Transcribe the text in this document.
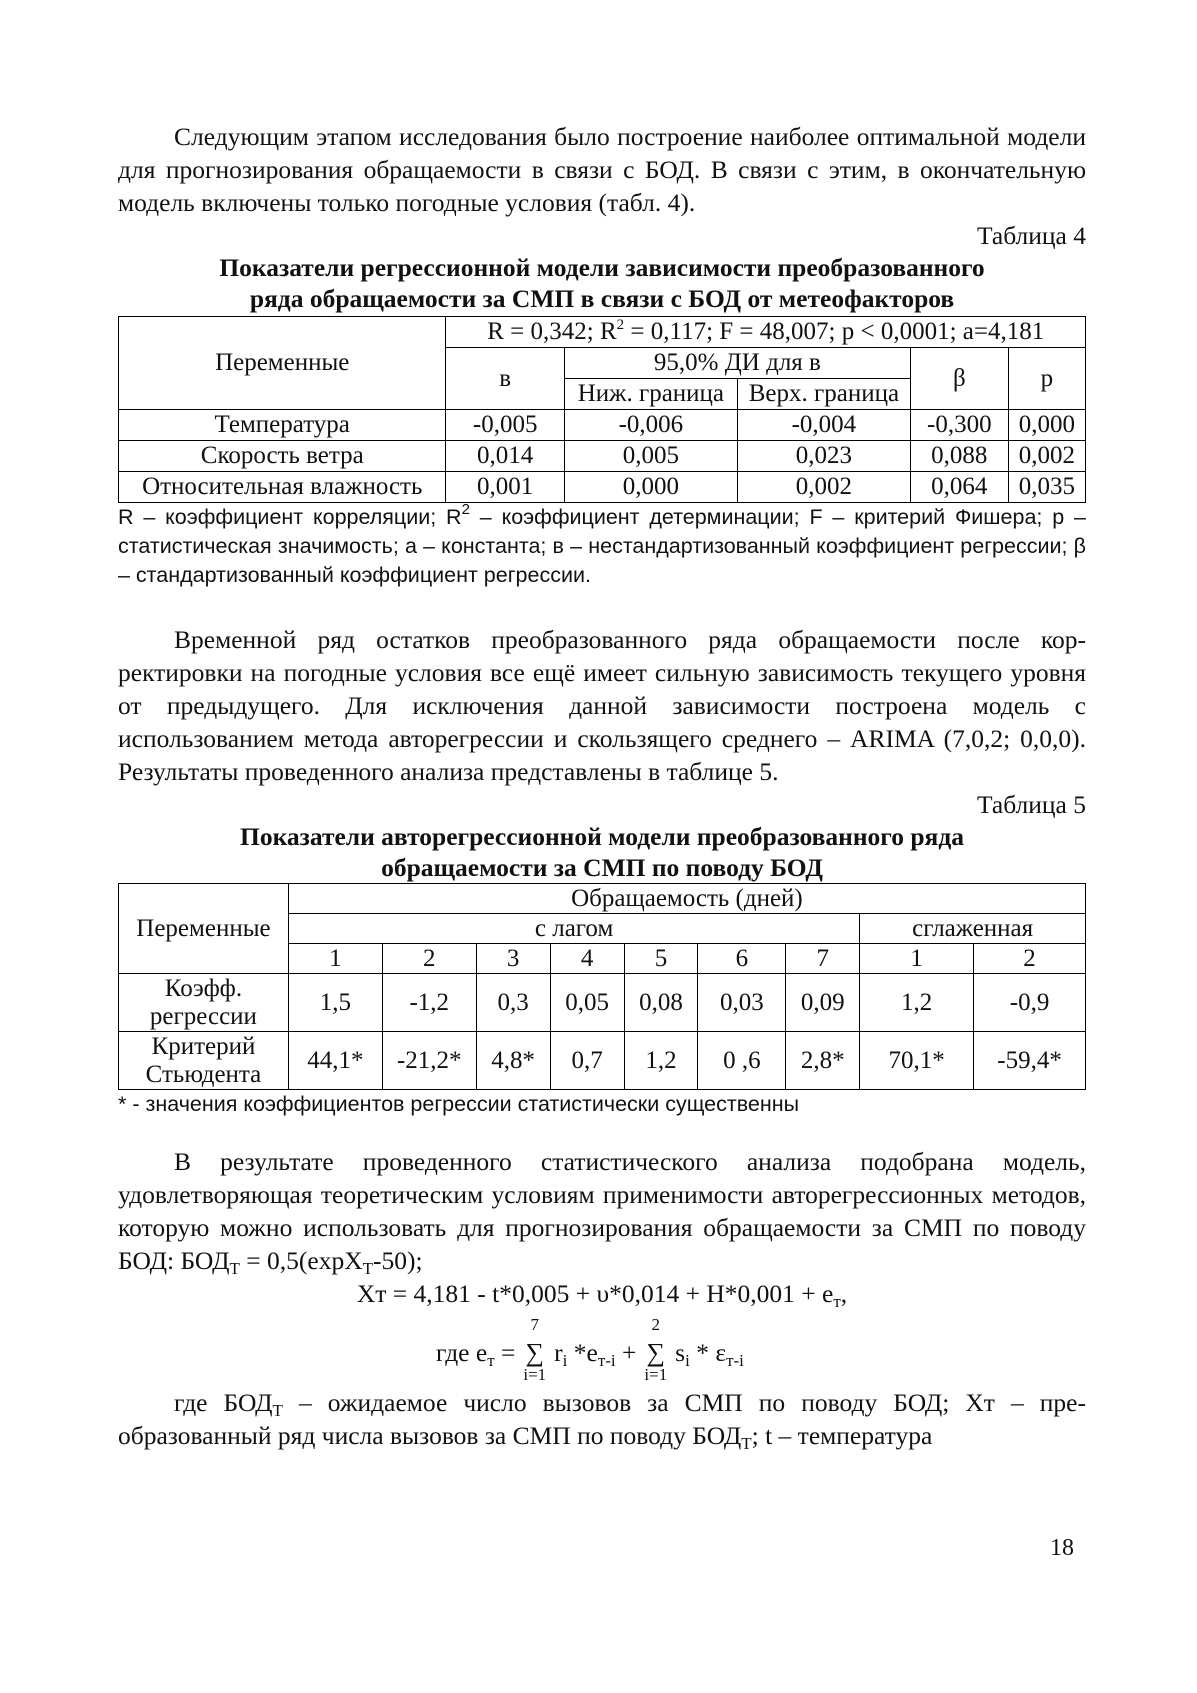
Следующим этапом исследования было построение наиболее оптимальной модели для прогнозирования обращаемости в связи с БОД. В связи с этим, в окончательную модель включены только погодные условия (табл. 4).

Таблица 4

Показатели регрессионной модели зависимости преобразованного

ряда обращаемости за СМП в связи с БОД от метеофакторов

Переменные	R = 0,342; $R^2 = 0,117$; F = 48,007; p < 0,0001; a=4,181				
	в	95,0% ДИ для в		β	p
		Ниж. граница	Верх. граница		
Температура	-0,005	-0,006	-0,004	-0,300	0,000
Скорость ветра	0,014	0,005	0,023	0,088	0,002
Относительная влажность	0,001	0,000	0,002	0,064	0,035

R – коэффициент корреляции; $R^2$ – коэффициент детерминации; F – критерий Фишера; р – статистическая значимость; а – константа; в – нестандартизованный коэффициент регрессии; β – стандартизованный коэффициент регрессии.

Временной ряд остатков преобразованного ряда обращаемости после корректировки на погодные условия все ещё имеет сильную зависимость текущего уровня от предыдущего. Для исключения данной зависимости построена модель с использованием метода авторегрессии и скользящего среднего – ARIMA (7,0,2; 0,0,0). Результаты проведенного анализа представлены в таблице 5.

Таблица 5

Показатели авторегрессионной модели преобразованного ряда

обращаемости за СМП по поводу БОД

Переменные	Обращаемость (дней)								
	с лагом							сглаженная	
	1	2	3	4	5	6	7	1	2
Коэфф.
регрессии	1,5	-1,2	0,3	0,05	0,08	0,03	0,09	1,2	-0,9
Критерий
Стьюдента	44,1*	-21,2*	4,8*	0,7	1,2	0 ,6	2,8*	70,1*	-59,4*

* - значения коэффициентов регрессии статистически существенны

В результате проведенного статистического анализа подобрана модель, удовлетворяющая теоретическим условиям применимости авторегрессионных методов, которую можно использовать для прогнозирования обращаемости за СМП по поводу БОД: $БОД_Т = 0,5(\exp X_Т-50)$;

Xт = $4,181 - t*0,005 + \upsilon*0,014 + H*0,001 + e_т$,

где $e_т$ = ∑
7
i=1
$r_i$ $*e_{т-i}$ + ∑
2
i=1
$s_i * \varepsilon_{т-i}$

где $БОД_Т$ – ожидаемое число вызовов за СМП по поводу БОД; Xт – преобразованный ряд числа вызовов за СМП по поводу $БОД_Т$; t – температура

18
